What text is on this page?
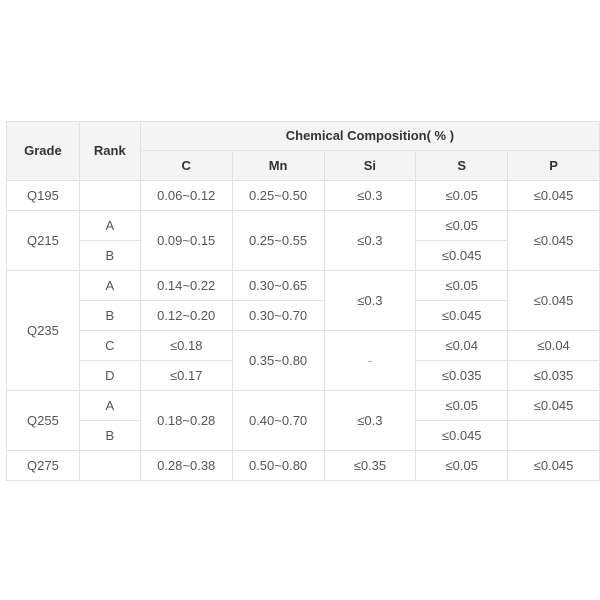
Grade	Rank	Chemical Composition( % )				
		C	Mn	Si	S	P
Q195		0.06~0.12	0.25~0.50	≤0.3	≤0.05	≤0.045
Q215	A	0.09~0.15	0.25~0.55	≤0.3	≤0.05	≤0.045
	B				≤0.045	
Q235	A	0.14~0.22	0.30~0.65	≤0.3	≤0.05	≤0.045
	B	0.12~0.20	0.30~0.70		≤0.045	
	C	≤0.18	0.35~0.80	-	≤0.04	≤0.04
	D	≤0.17			≤0.035	≤0.035
Q255	A	0.18~0.28	0.40~0.70	≤0.3	≤0.05	≤0.045
	B				≤0.045	
Q275		0.28~0.38	0.50~0.80	≤0.35	≤0.05	≤0.045
